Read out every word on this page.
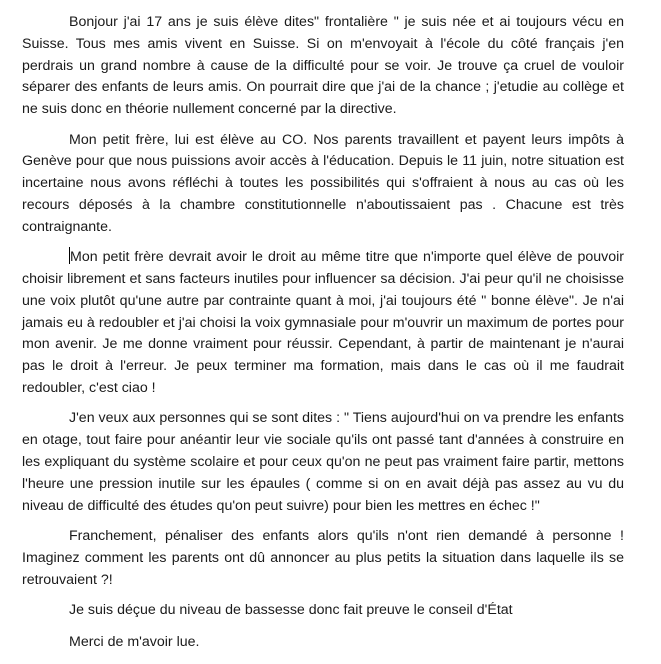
Bonjour j'ai 17 ans je suis élève dites" frontalière " je suis née et ai toujours vécu en Suisse. Tous mes amis vivent en Suisse. Si on m'envoyait à l'école du côté français j'en perdrais un grand nombre à cause de la difficulté pour se voir. Je trouve ça cruel de vouloir séparer des enfants de leurs amis. On pourrait dire que j'ai de la chance ; j'etudie au collège et ne suis donc en théorie nullement concerné par la directive.

Mon petit frère, lui est élève au CO. Nos parents travaillent et payent leurs impôts à Genève pour que nous puissions avoir accès à l'éducation. Depuis le 11 juin, notre situation est incertaine nous avons réfléchi à toutes les possibilités qui s'offraient à nous au cas où les recours déposés à la chambre constitutionnelle n'aboutissaient pas . Chacune est très contraignante.

Mon petit frère devrait avoir le droit au même titre que n'importe quel élève de pouvoir choisir librement et sans facteurs inutiles pour influencer sa décision. J'ai peur qu'il ne choisisse une voix plutôt qu'une autre par contrainte quant à moi, j'ai toujours été " bonne élève". Je n'ai jamais eu à redoubler et j'ai choisi la voix gymnasiale pour m'ouvrir un maximum de portes pour mon avenir. Je me donne vraiment pour réussir. Cependant, à partir de maintenant je n'aurai pas le droit à l'erreur. Je peux terminer ma formation, mais dans le cas où il me faudrait redoubler, c'est ciao !

J'en veux aux personnes qui se sont dites : " Tiens aujourd'hui on va prendre les enfants en otage, tout faire pour anéantir leur vie sociale qu'ils ont passé tant d'années à construire en les expliquant du système scolaire et pour ceux qu'on ne peut pas vraiment faire partir, mettons l'heure une pression inutile sur les épaules ( comme si on en avait déjà pas assez au vu du niveau de difficulté des études qu'on peut suivre) pour bien les mettres en échec !"

Franchement, pénaliser des enfants alors qu'ils n'ont rien demandé à personne ! Imaginez comment les parents ont dû annoncer au plus petits la situation dans laquelle ils se retrouvaient ?!

Je suis déçue du niveau de bassesse donc fait preuve le conseil d'État

Merci de m'avoir lue.
